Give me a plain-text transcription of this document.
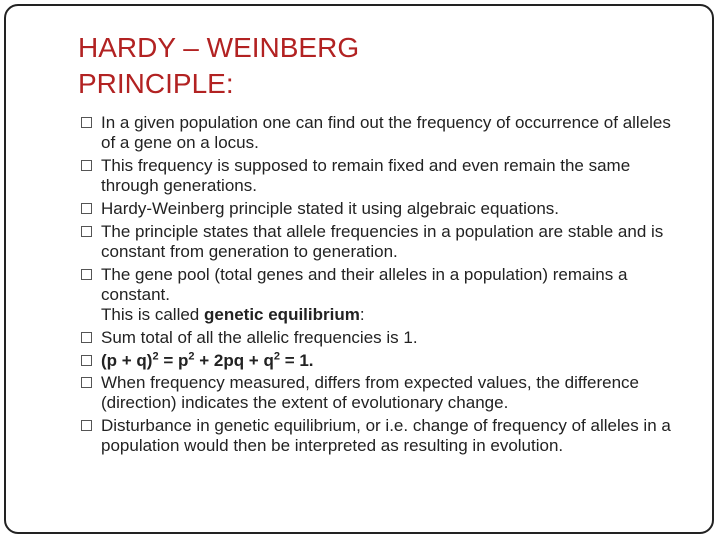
HARDY – WEINBERG
PRINCIPLE:
In a given population one can find out the frequency of occurrence of alleles of a gene on a locus.
This frequency is supposed to remain fixed and even remain the same through generations.
Hardy-Weinberg principle stated it using algebraic equations.
The principle states that allele frequencies in a population are stable and is constant from generation to generation.
The gene pool (total genes and their alleles in a population) remains a constant.
This is called genetic equilibrium:
Sum total of all the allelic frequencies is 1.
$(p + q)^2 = p^2 + 2pq + q^2 = 1$.
When frequency measured, differs from expected values, the difference (direction) indicates the extent of evolutionary change.
Disturbance in genetic equilibrium, or i.e. change of frequency of alleles in a population would then be interpreted as resulting in evolution.
